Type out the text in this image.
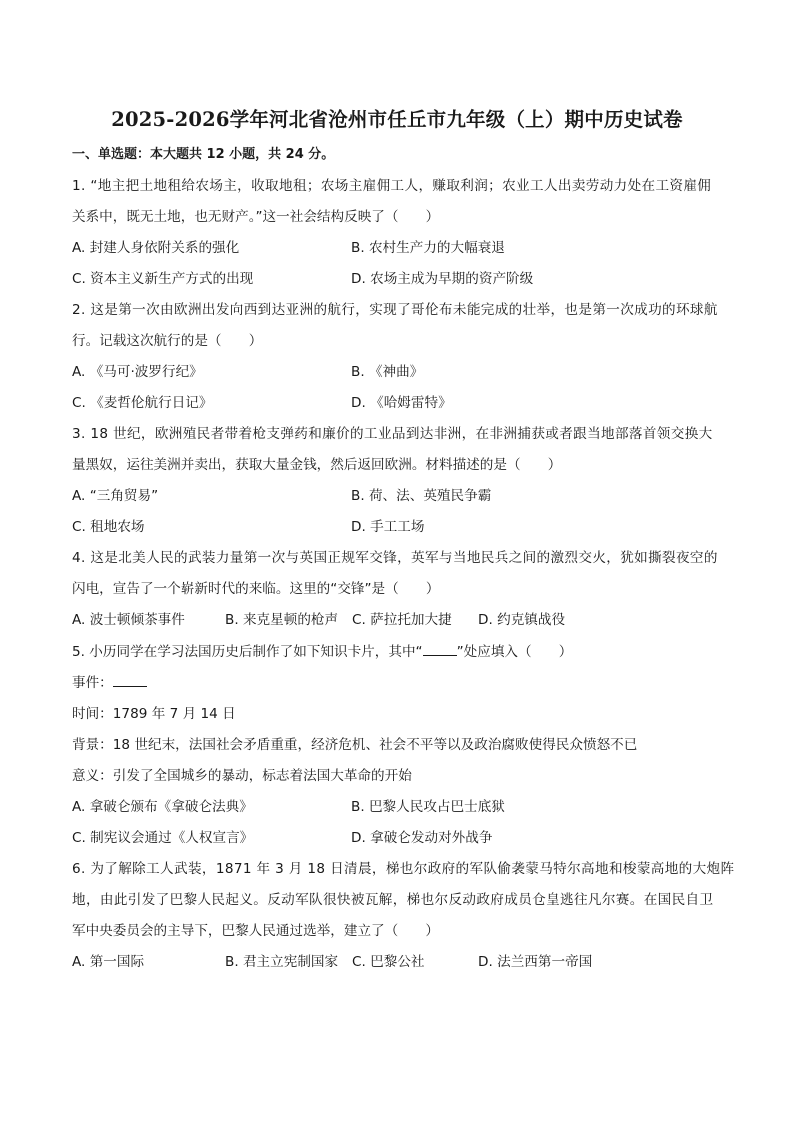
2025-2026学年河北省沧州市任丘市九年级（上）期中历史试卷
一、单选题：本大题共 12 小题，共 24 分。
1. “地主把土地租给农场主，收取地租；农场主雇佣工人，赚取利润；农业工人出卖劳动力处在工资雇佣
关系中，既无土地，也无财产。”这一社会结构反映了（　　）
A. 封建人身依附关系的强化	B. 农村生产力的大幅衰退
C. 资本主义新生产方式的出现	D. 农场主成为早期的资产阶级
2. 这是第一次由欧洲出发向西到达亚洲的航行，实现了哥伦布未能完成的壮举，也是第一次成功的环球航
行。记载这次航行的是（　　）
A. 《马可·波罗行纪》	B. 《神曲》
C. 《麦哲伦航行日记》	D. 《哈姆雷特》
3. 18 世纪，欧洲殖民者带着枪支弹药和廉价的工业品到达非洲，在非洲捕获或者跟当地部落首领交换大
量黑奴，运往美洲并卖出，获取大量金钱，然后返回欧洲。材料描述的是（　　）
A. “三角贸易”	B. 荷、法、英殖民争霸
C. 租地农场	D. 手工工场
4. 这是北美人民的武装力量第一次与英国正规军交锋，英军与当地民兵之间的激烈交火，犹如撕裂夜空的
闪电，宣告了一个崭新时代的来临。这里的“交锋”是（　　）
A. 波士顿倾茶事件	B. 来克星顿的枪声 C. 萨拉托加大捷 D. 约克镇战役
5. 小历同学在学习法国历史后制作了如下知识卡片，其中“	”处应填入（　　）
事件：
时间：1789 年 7 月 14 日
背景：18 世纪末，法国社会矛盾重重，经济危机、社会不平等以及政治腐败使得民众愤怒不已
意义：引发了全国城乡的暴动，标志着法国大革命的开始
A. 拿破仑颁布《拿破仑法典》	B. 巴黎人民攻占巴士底狱
C. 制宪议会通过《人权宣言》	D. 拿破仑发动对外战争
6. 为了解除工人武装，1871 年 3 月 18 日清晨，梯也尔政府的军队偷袭蒙马特尔高地和梭蒙高地的大炮阵
地，由此引发了巴黎人民起义。反动军队很快被瓦解，梯也尔反动政府成员仓皇逃往凡尔赛。在国民自卫
军中央委员会的主导下，巴黎人民通过选举，建立了（　　）
A. 第一国际	B. 君主立宪制国家 C. 巴黎公社	D. 法兰西第一帝国
